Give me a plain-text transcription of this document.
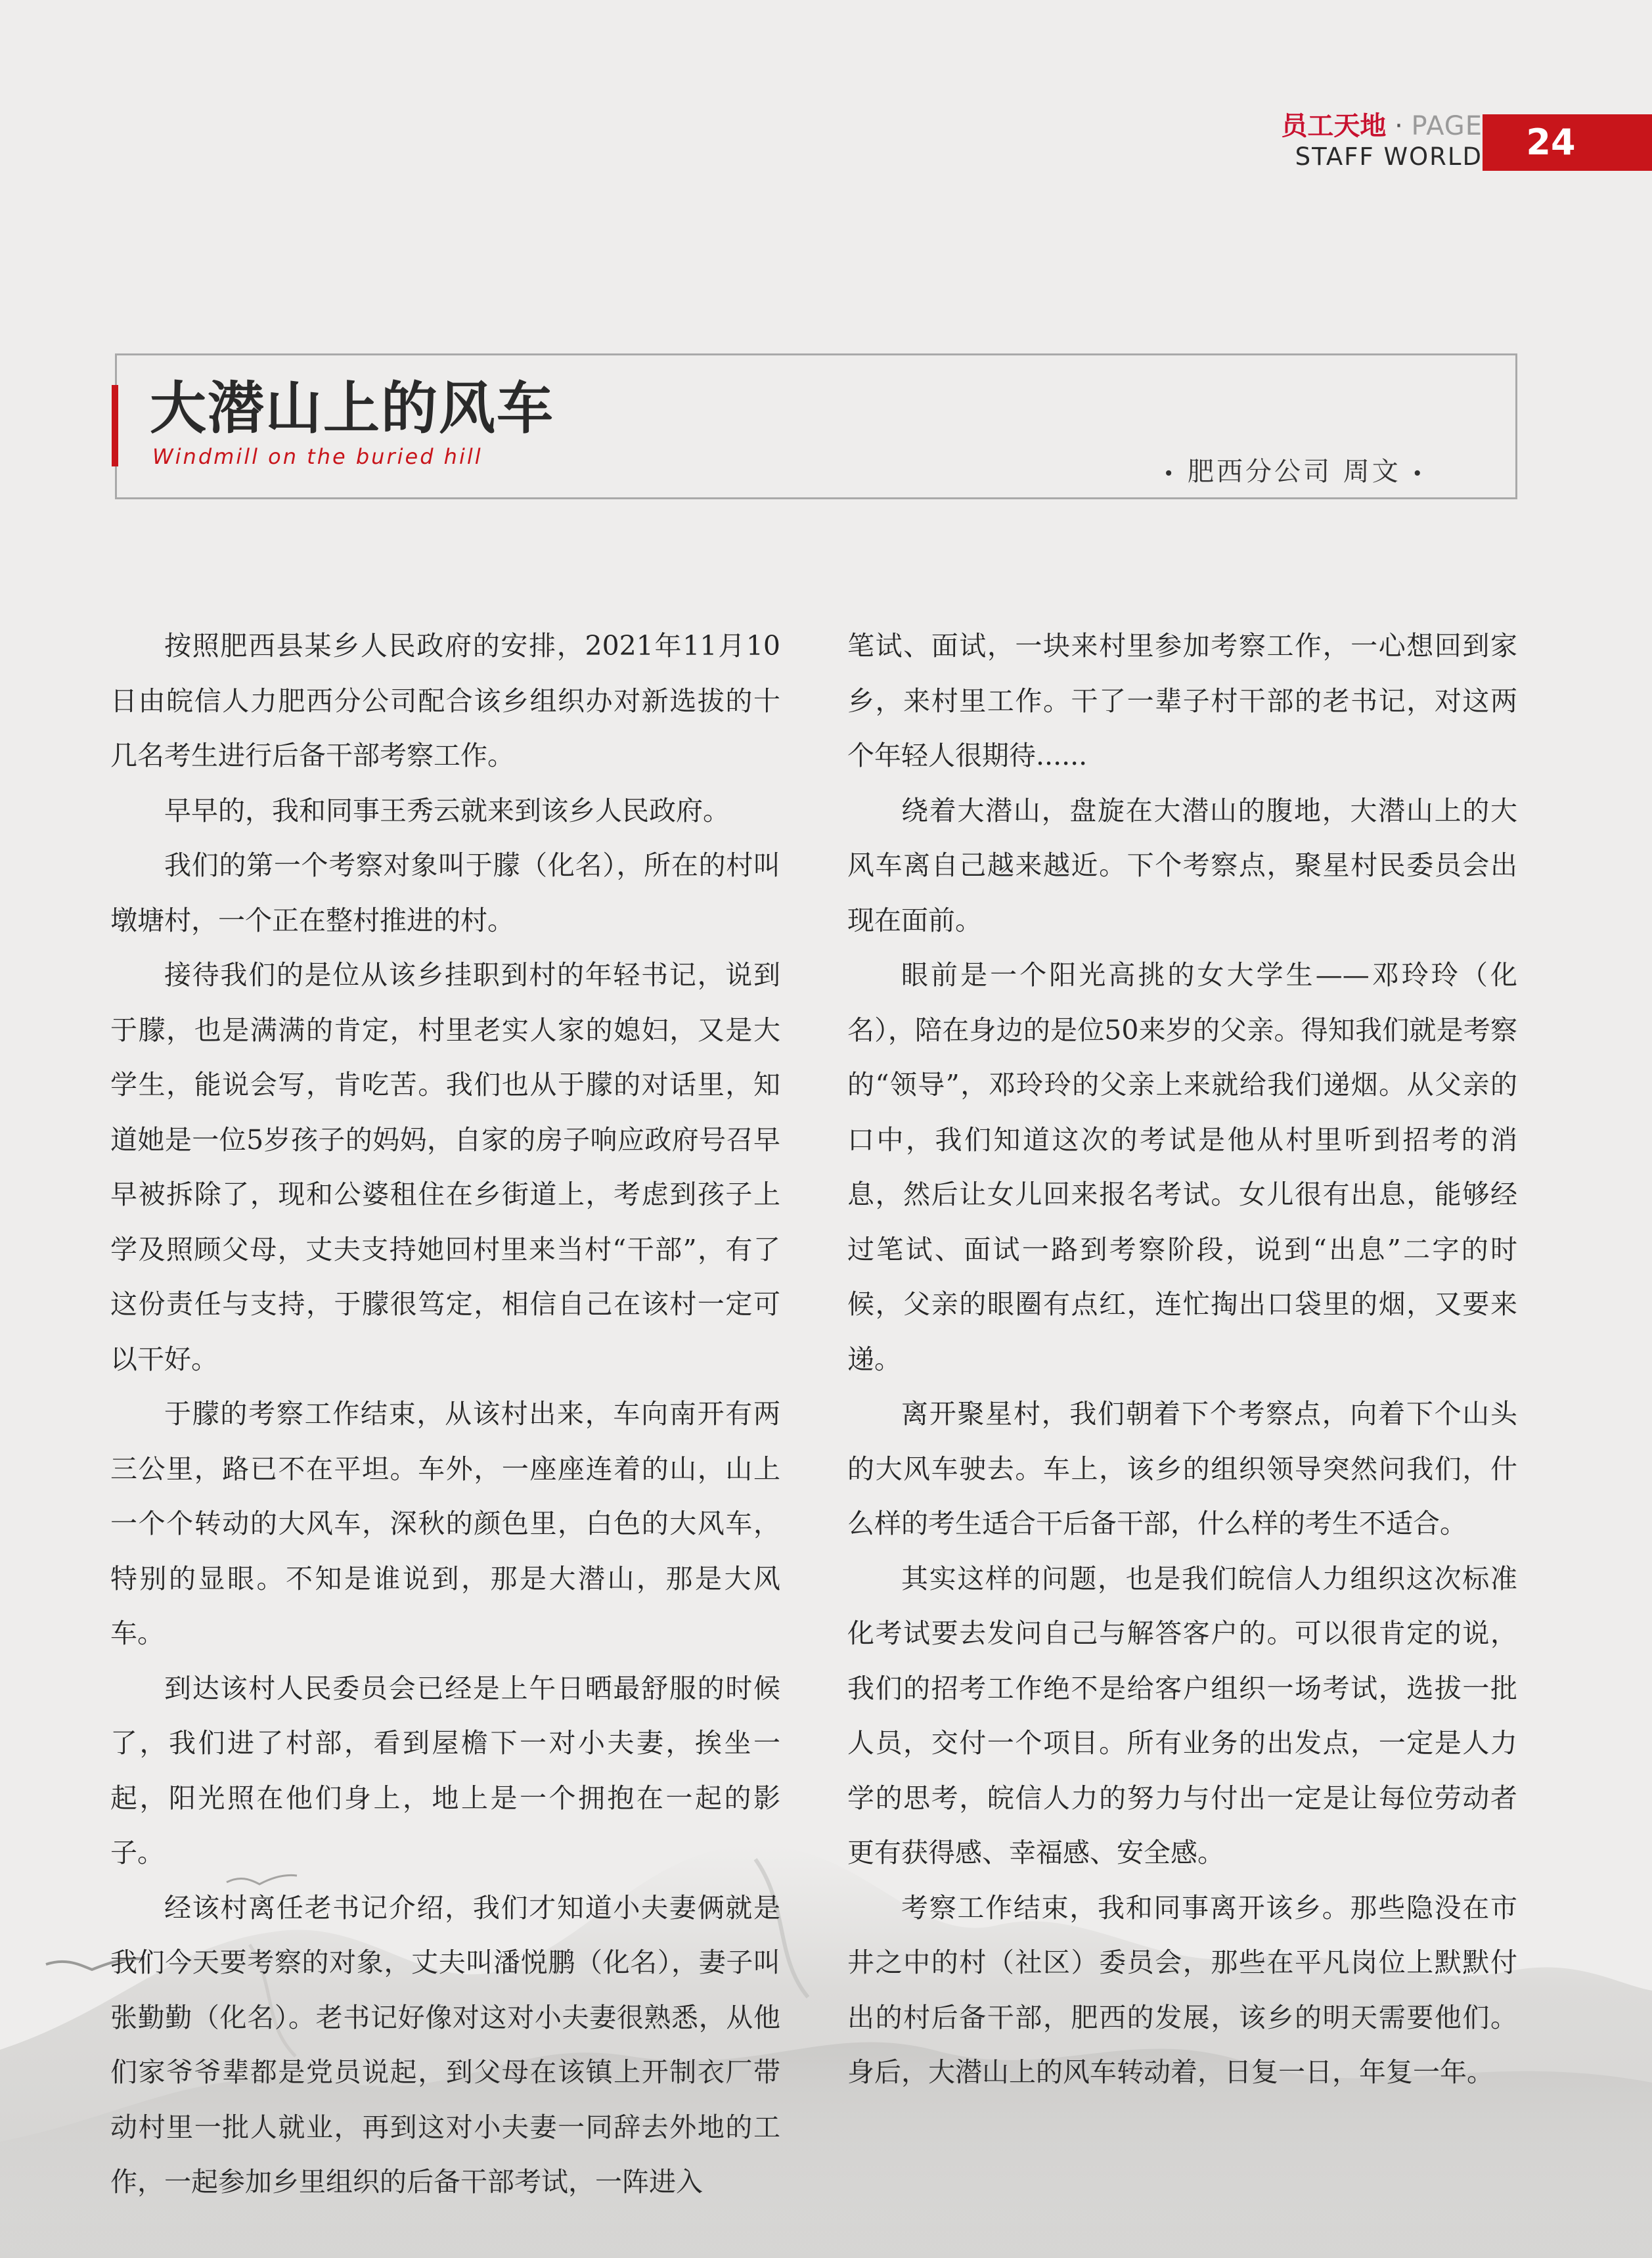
员工天地 · PAGE
STAFF WORLD	24
大潜山上的风车
Windmill on the buried hill
• 肥西分公司 周文 •

按照肥西县某乡人民政府的安排，2021年11月10日由皖信人力肥西分公司配合该乡组织办对新选拔的十几名考生进行后备干部考察工作。

早早的，我和同事王秀云就来到该乡人民政府。

我们的第一个考察对象叫于朦（化名），所在的村叫墩塘村，一个正在整村推进的村。

接待我们的是位从该乡挂职到村的年轻书记，说到于朦，也是满满的肯定，村里老实人家的媳妇，又是大学生，能说会写，肯吃苦。我们也从于朦的对话里，知道她是一位5岁孩子的妈妈，自家的房子响应政府号召早早被拆除了，现和公婆租住在乡街道上，考虑到孩子上学及照顾父母，丈夫支持她回村里来当村“干部”，有了这份责任与支持，于朦很笃定，相信自己在该村一定可以干好。

于朦的考察工作结束，从该村出来，车向南开有两三公里，路已不在平坦。车外，一座座连着的山，山上一个个转动的大风车，深秋的颜色里，白色的大风车，特别的显眼。不知是谁说到，那是大潜山，那是大风车。

到达该村人民委员会已经是上午日晒最舒服的时候了，我们进了村部，看到屋檐下一对小夫妻，挨坐一起，阳光照在他们身上，地上是一个拥抱在一起的影子。

经该村离任老书记介绍，我们才知道小夫妻俩就是我们今天要考察的对象，丈夫叫潘悦鹏（化名），妻子叫张勤勤（化名）。老书记好像对这对小夫妻很熟悉，从他们家爷爷辈都是党员说起，到父母在该镇上开制衣厂带动村里一批人就业，再到这对小夫妻一同辞去外地的工作，一起参加乡里组织的后备干部考试，一阵进入

笔试、面试，一块来村里参加考察工作，一心想回到家乡，来村里工作。干了一辈子村干部的老书记，对这两个年轻人很期待......

绕着大潜山，盘旋在大潜山的腹地，大潜山上的大风车离自己越来越近。下个考察点，聚星村民委员会出现在面前。

眼前是一个阳光高挑的女大学生——邓玲玲（化名），陪在身边的是位50来岁的父亲。得知我们就是考察的“领导”，邓玲玲的父亲上来就给我们递烟。从父亲的口中，我们知道这次的考试是他从村里听到招考的消息，然后让女儿回来报名考试。女儿很有出息，能够经过笔试、面试一路到考察阶段，说到“出息”二字的时候，父亲的眼圈有点红，连忙掏出口袋里的烟，又要来递。

离开聚星村，我们朝着下个考察点，向着下个山头的大风车驶去。车上，该乡的组织领导突然问我们，什么样的考生适合干后备干部，什么样的考生不适合。

其实这样的问题，也是我们皖信人力组织这次标准化考试要去发问自己与解答客户的。可以很肯定的说，我们的招考工作绝不是给客户组织一场考试，选拔一批人员，交付一个项目。所有业务的出发点，一定是人力学的思考，皖信人力的努力与付出一定是让每位劳动者更有获得感、幸福感、安全感。

考察工作结束，我和同事离开该乡。那些隐没在市井之中的村（社区）委员会，那些在平凡岗位上默默付出的村后备干部，肥西的发展，该乡的明天需要他们。身后，大潜山上的风车转动着，日复一日，年复一年。
